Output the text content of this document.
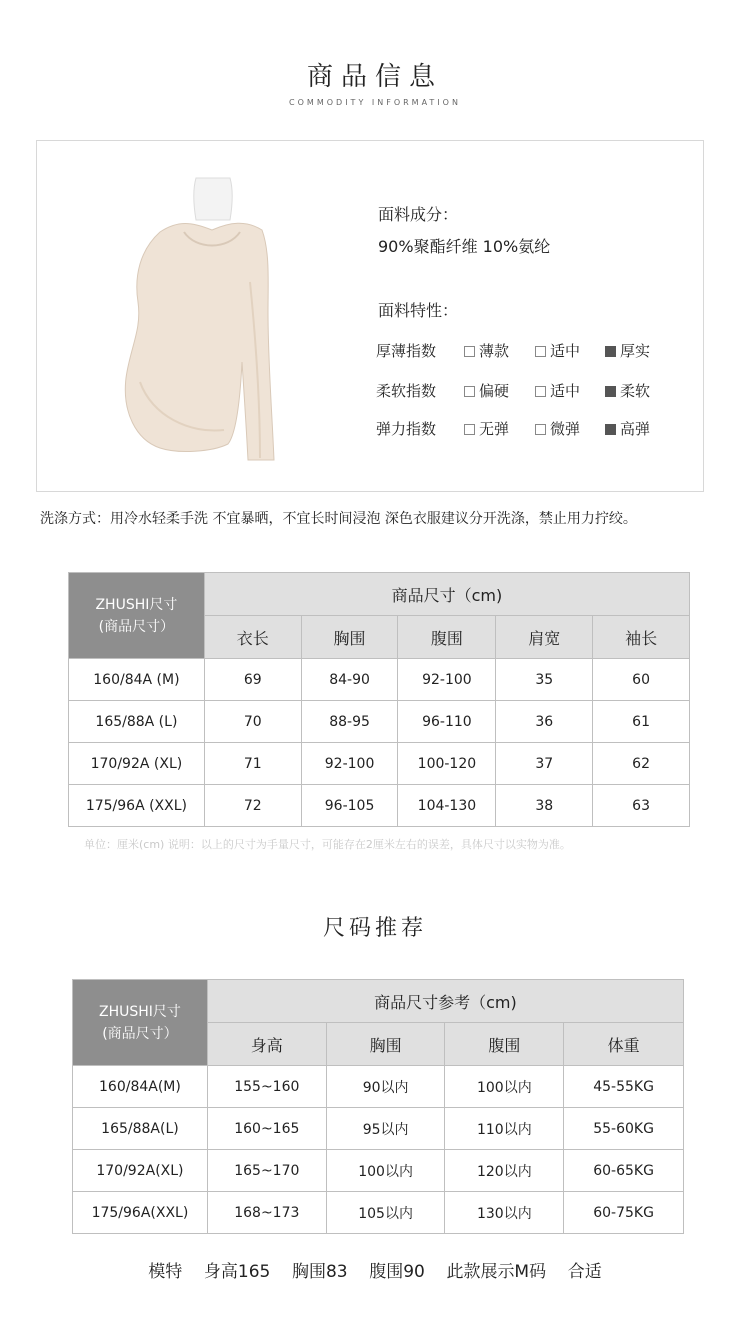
商品信息
COMMODITY INFORMATION
面料成分：
90%聚酯纤维 10%氨纶
面料特性：
厚薄指数	薄款	适中	厚实
柔软指数	偏硬	适中	柔软
弹力指数	无弹	微弹	高弹
洗涤方式：用冷水轻柔手洗 不宜暴晒，不宜长时间浸泡 深色衣服建议分开洗涤，禁止用力拧绞。
ZHUSHI尺寸
(商品尺寸）	商品尺寸（cm)				
	衣长	胸围	腹围	肩宽	袖长
160/84A (M)	69	84-90	92-100	35	60
165/88A (L)	70	88-95	96-110	36	61
170/92A (XL)	71	92-100	100-120	37	62
175/96A (XXL)	72	96-105	104-130	38	63
单位：厘米(cm) 说明：以上的尺寸为手量尺寸，可能存在2厘米左右的误差，具体尺寸以实物为准。
尺码推荐
ZHUSHI尺寸
(商品尺寸）	商品尺寸参考（cm)			
	身高	胸围	腹围	体重
160/84A(M)	155~160	90以内	100以内	45-55KG
165/88A(L)	160~165	95以内	110以内	55-60KG
170/92A(XL)	165~170	100以内	120以内	60-65KG
175/96A(XXL)	168~173	105以内	130以内	60-75KG
模特    身高165    胸围83    腹围90    此款展示M码    合适
